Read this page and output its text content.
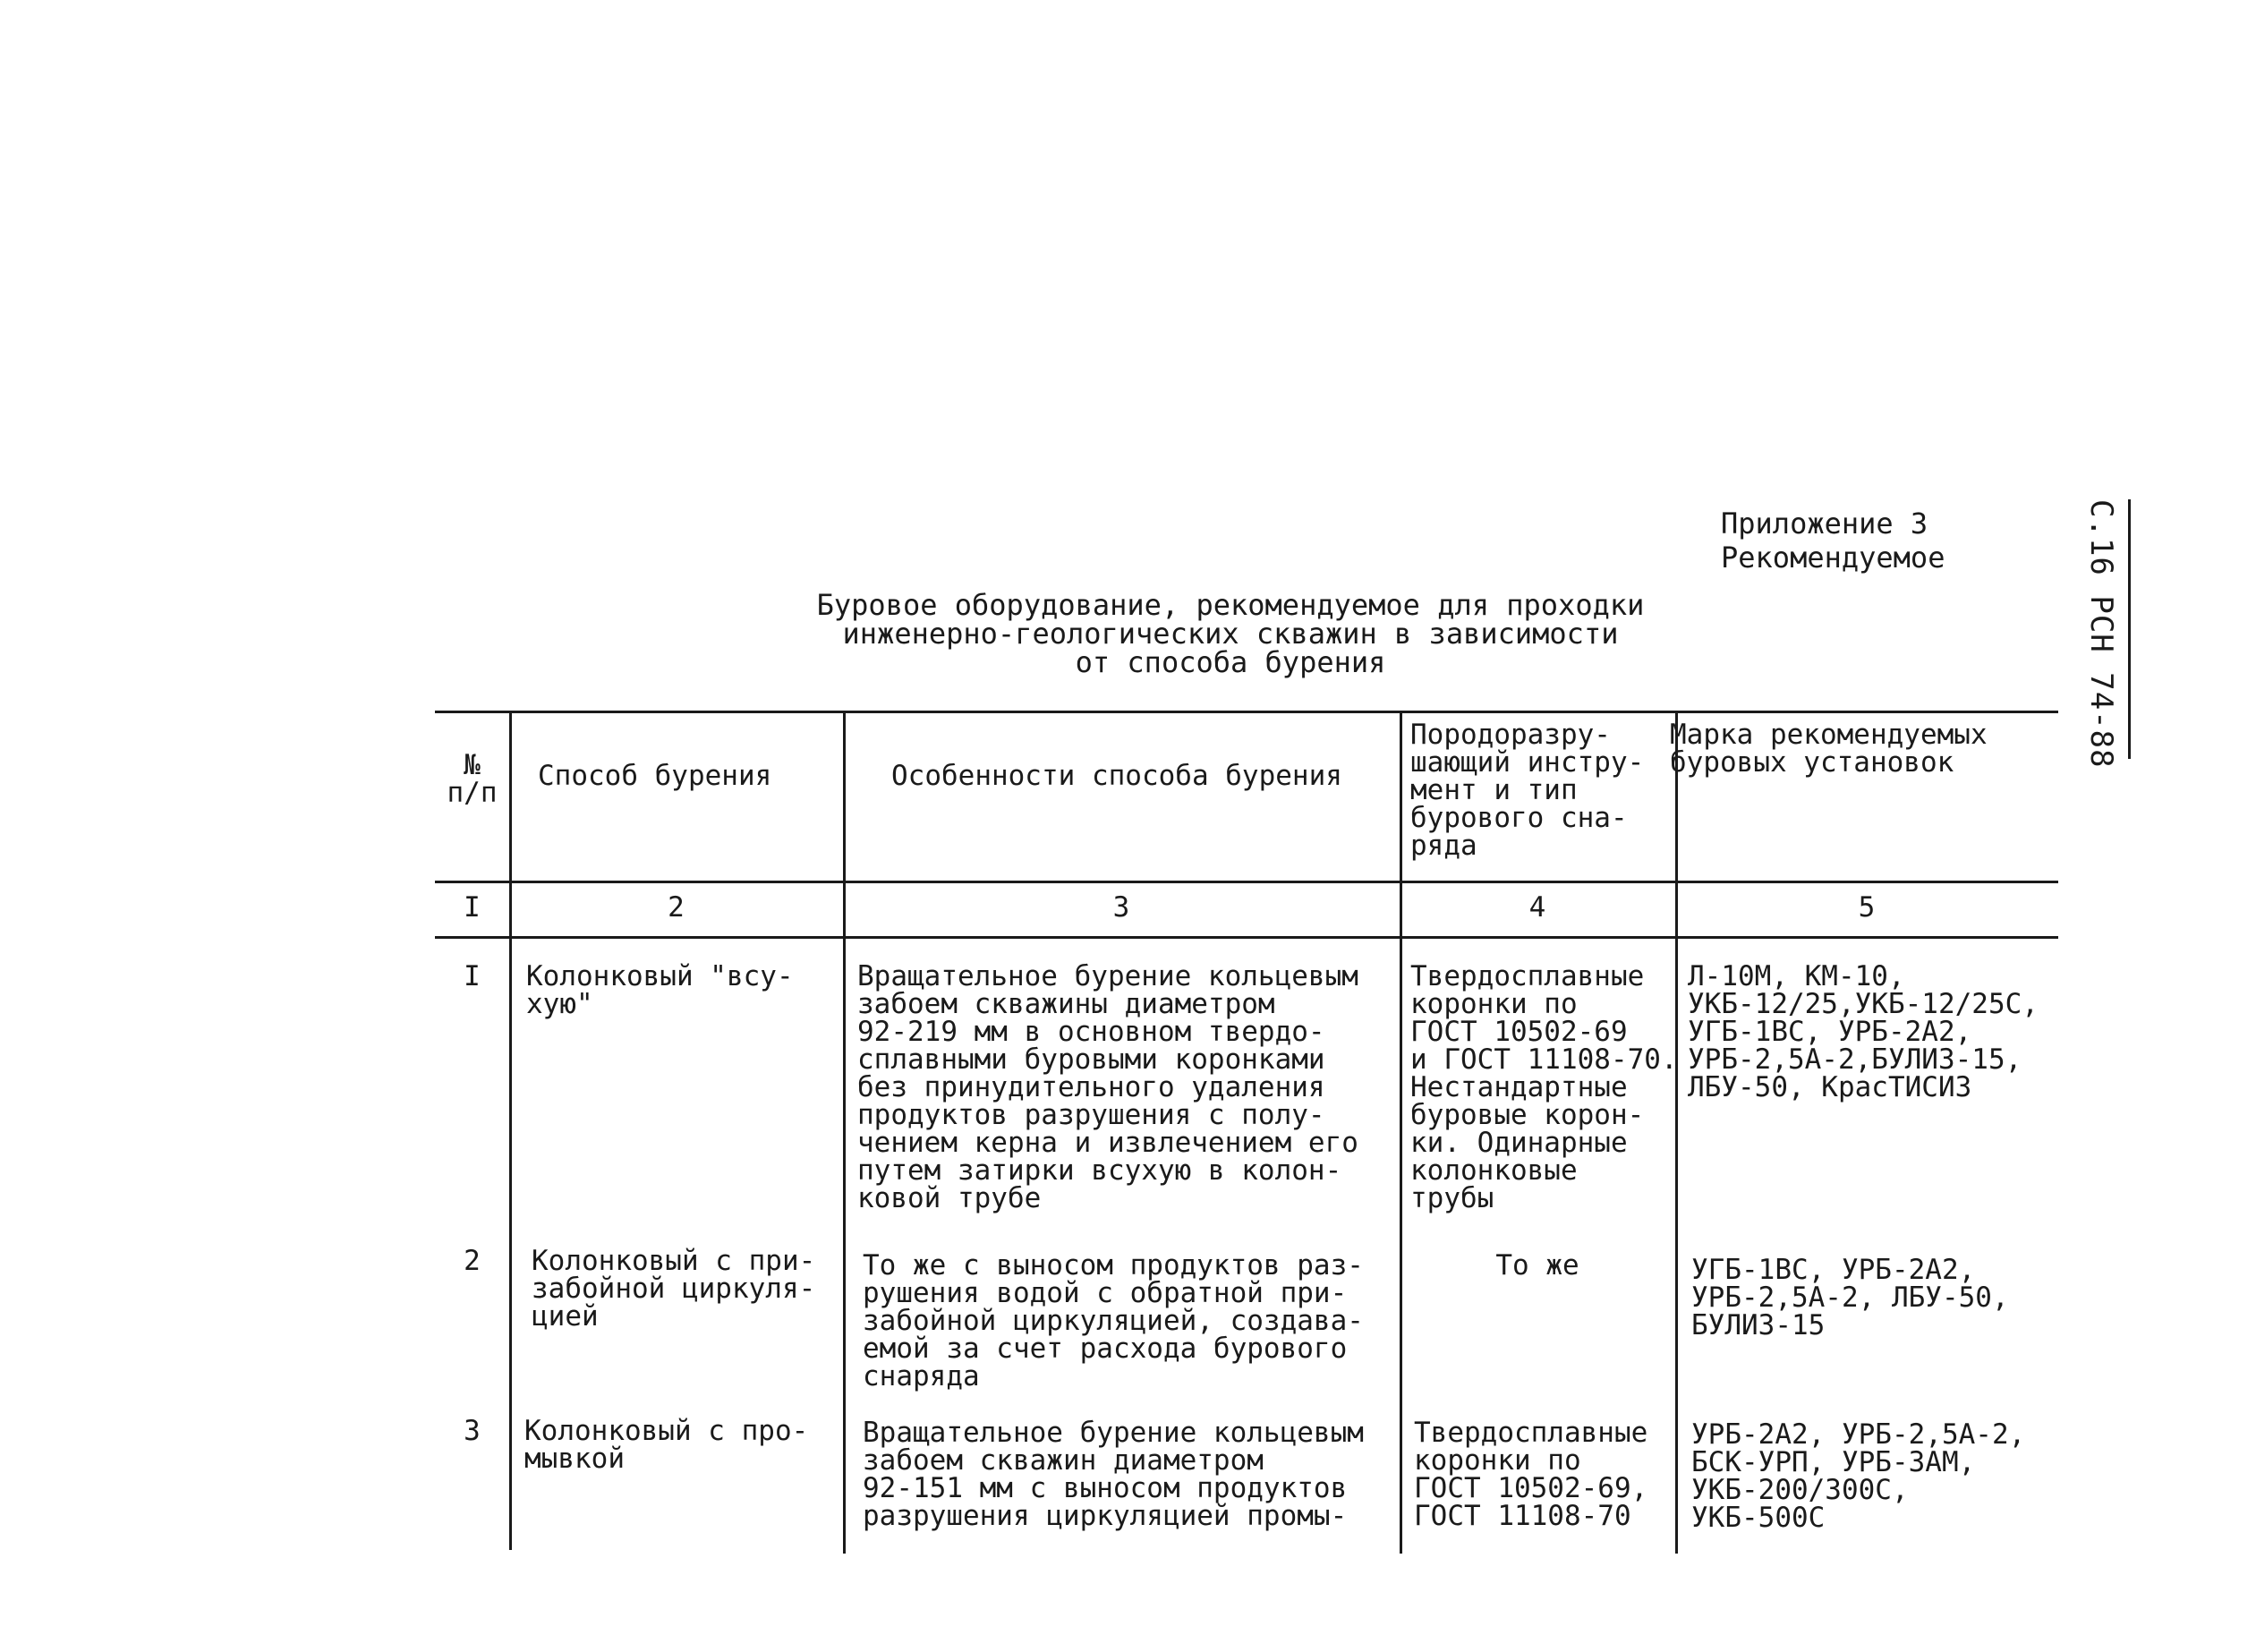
Приложение 3
Рекомендуемое	С.16 РСН 74-88
Буровое оборудование, рекомендуемое для проходки
инженерно-геологических скважин в зависимости
от способа бурения
№
п/п
Способ бурения	Особенности способа бурения
Породоразру-
шающий инстру-
мент и тип
бурового сна-
ряда
Марка рекомендуемых
буровых установок
I	2	3	4	5
I	Колонковый "всу-
хую"
Вращательное бурение кольцевым
забоем скважины диаметром
92-219 мм в основном твердо-
сплавными буровыми коронками
без принудительного удаления
продуктов разрушения с полу-
чением керна и извлечением его
путем затирки всухую в колон-
ковой трубе
Твердосплавные
коронки по
ГОСТ 10502-69
и ГОСТ 11108-70.
Нестандартные
буровые корон-
ки. Одинарные
колонковые
трубы
Л-10М, КМ-10,
УКБ-12/25,УКБ-12/25С,
УГБ-1ВС, УРБ-2А2,
УРБ-2,5А-2,БУЛИЗ-15,
ЛБУ-50, КрасТИСИЗ
2	Колонковый с при-
забойной циркуля-
цией
То же с выносом продуктов раз-
рушения водой с обратной при-
забойной циркуляцией, создава-
емой за счет расхода бурового
снаряда
То же	УГБ-1ВС, УРБ-2А2,
УРБ-2,5А-2, ЛБУ-50,
БУЛИЗ-15
3	Колонковый с про-
мывкой
Вращательное бурение кольцевым
забоем скважин диаметром
92-151 мм с выносом продуктов
разрушения циркуляцией промы-
Твердосплавные
коронки по
ГОСТ 10502-69,
ГОСТ 11108-70
УРБ-2А2, УРБ-2,5А-2,
БСК-УРП, УРБ-3АМ,
УКБ-200/300С,
УКБ-500С
